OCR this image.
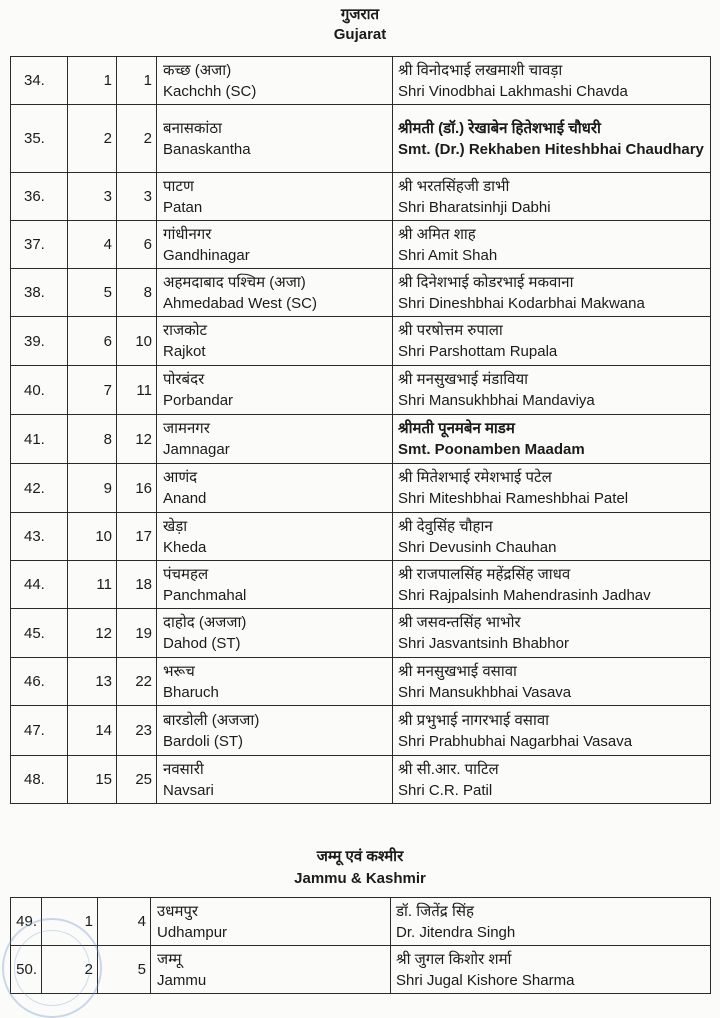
गुजरात
Gujarat
34.	1	1	कच्छ (अजा)
Kachchh (SC)	श्री विनोदभाई लखमाशी चावड़ा
Shri Vinodbhai Lakhmashi Chavda

35.	2	2	बनासकांठा
Banaskantha	श्रीमती (डॉ.) रेखाबेन हितेशभाई चौधरी
Smt. (Dr.) Rekhaben Hiteshbhai Chaudhary

36.	3	3	पाटण
Patan	श्री भरतसिंहजी डाभी
Shri Bharatsinhji Dabhi

37.	4	6	गांधीनगर
Gandhinagar	श्री अमित शाह
Shri Amit Shah

38.	5	8	अहमदाबाद पश्चिम (अजा)
Ahmedabad West (SC)	श्री दिनेशभाई कोडरभाई मकवाना
Shri Dineshbhai Kodarbhai Makwana

39.	6	10	राजकोट
Rajkot	श्री परषोत्तम रुपाला
Shri Parshottam Rupala

40.	7	11	पोरबंदर
Porbandar	श्री मनसुखभाई मंडाविया
Shri Mansukhbhai Mandaviya

41.	8	12	जामनगर
Jamnagar	श्रीमती पूनमबेन माडम
Smt. Poonamben Maadam

42.	9	16	आणंद
Anand	श्री मितेशभाई रमेशभाई पटेल
Shri Miteshbhai Rameshbhai Patel

43.	10	17	खेड़ा
Kheda	श्री देवुसिंह चौहान
Shri Devusinh Chauhan

44.	11	18	पंचमहल
Panchmahal	श्री राजपालसिंह महेंद्रसिंह जाधव
Shri Rajpalsinh Mahendrasinh Jadhav

45.	12	19	दाहोद (अजजा)
Dahod (ST)	श्री जसवन्तसिंह भाभोर
Shri Jasvantsinh Bhabhor

46.	13	22	भरूच
Bharuch	श्री मनसुखभाई वसावा
Shri Mansukhbhai Vasava

47.	14	23	बारडोली (अजजा)
Bardoli (ST)	श्री प्रभुभाई नागरभाई वसावा
Shri Prabhubhai Nagarbhai Vasava

48.	15	25	नवसारी
Navsari	श्री सी.आर. पाटिल
Shri C.R. Patil
जम्मू एवं कश्मीर
Jammu & Kashmir
49.	1	4	उधमपुर
Udhampur	डॉ. जितेंद्र सिंह
Dr. Jitendra Singh

50.	2	5	जम्मू
Jammu	श्री जुगल किशोर शर्मा
Shri Jugal Kishore Sharma
